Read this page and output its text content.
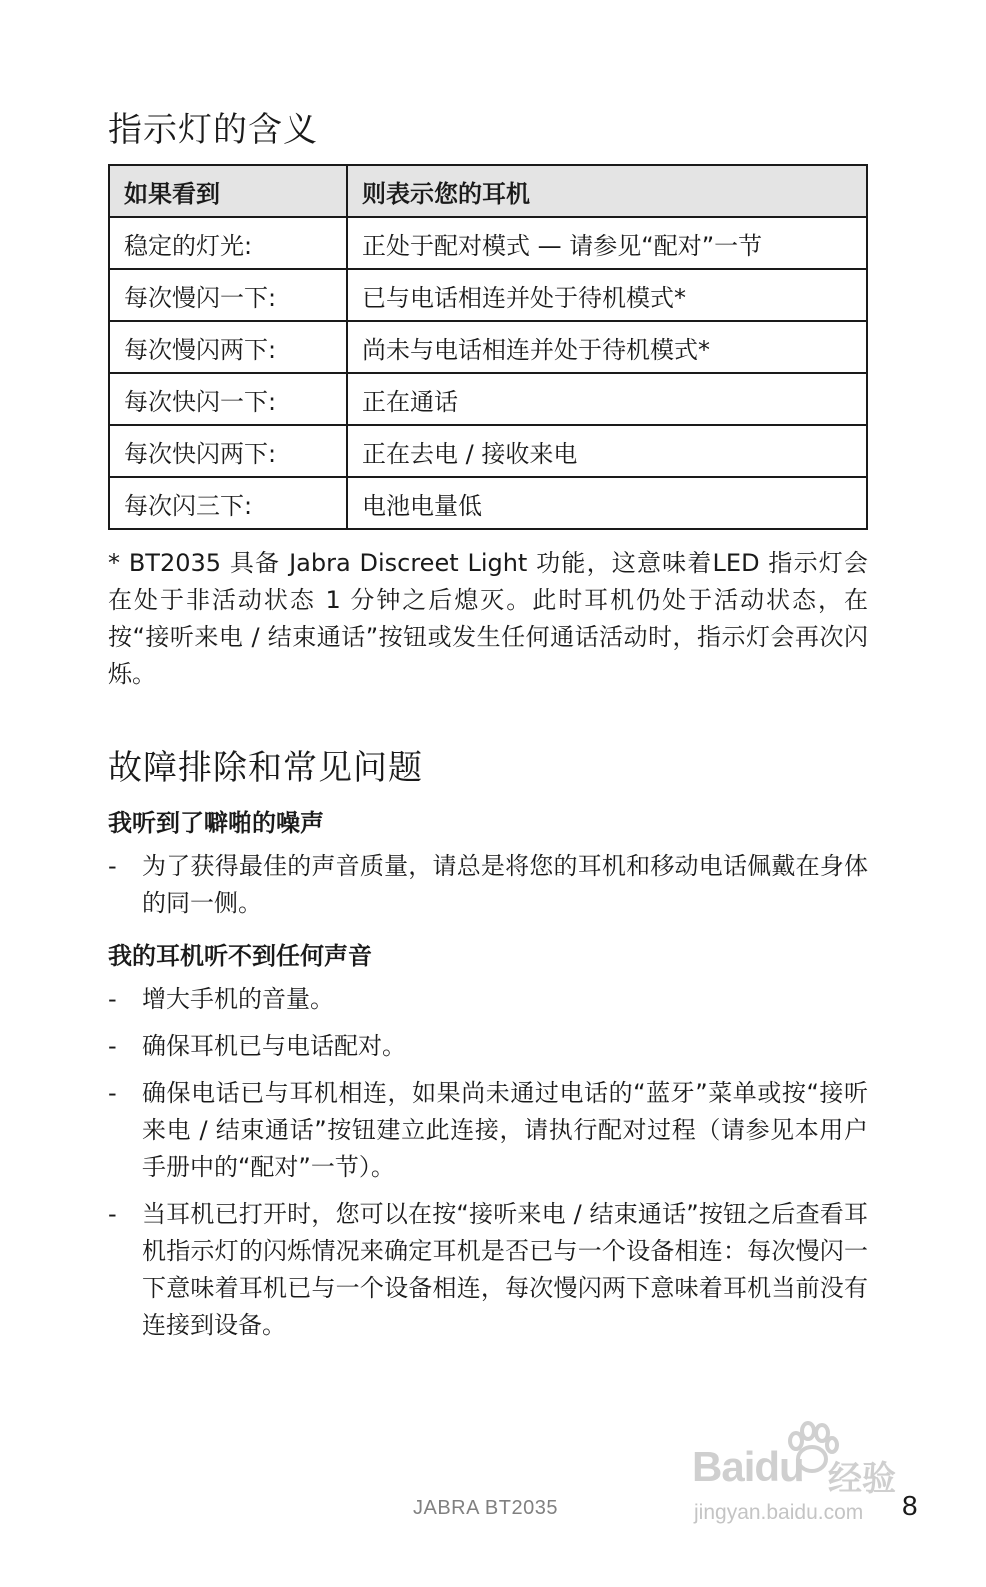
指示灯的含义
如果看到	则表示您的耳机
稳定的灯光:	正处于配对模式 — 请参见“配对”一节
每次慢闪一下:	已与电话相连并处于待机模式*
每次慢闪两下:	尚未与电话相连并处于待机模式*
每次快闪一下:	正在通话
每次快闪两下:	正在去电 / 接收来电
每次闪三下:	电池电量低

* BT2035 具备 Jabra Discreet Light 功能，这意味着LED 指示灯会在处于非活动状态 1 分钟之后熄灭。此时耳机仍处于活动状态，在按“接听来电 / 结束通话”按钮或发生任何通话活动时，指示灯会再次闪烁。

故障排除和常见问题
我听到了噼啪的噪声
- 为了获得最佳的声音质量，请总是将您的耳机和移动电话佩戴在身体的同一侧。
我的耳机听不到任何声音
- 增大手机的音量。
- 确保耳机已与电话配对。
- 确保电话已与耳机相连，如果尚未通过电话的“蓝牙”菜单或按“接听来电 / 结束通话”按钮建立此连接，请执行配对过程（请参见本用户手册中的“配对”一节）。
- 当耳机已打开时，您可以在按“接听来电 / 结束通话”按钮之后查看耳机指示灯的闪烁情况来确定耳机是否已与一个设备相连：每次慢闪一下意味着耳机已与一个设备相连，每次慢闪两下意味着耳机当前没有连接到设备。
Baidu 经验
jingyan.baidu.com
JABRA BT2035	8
